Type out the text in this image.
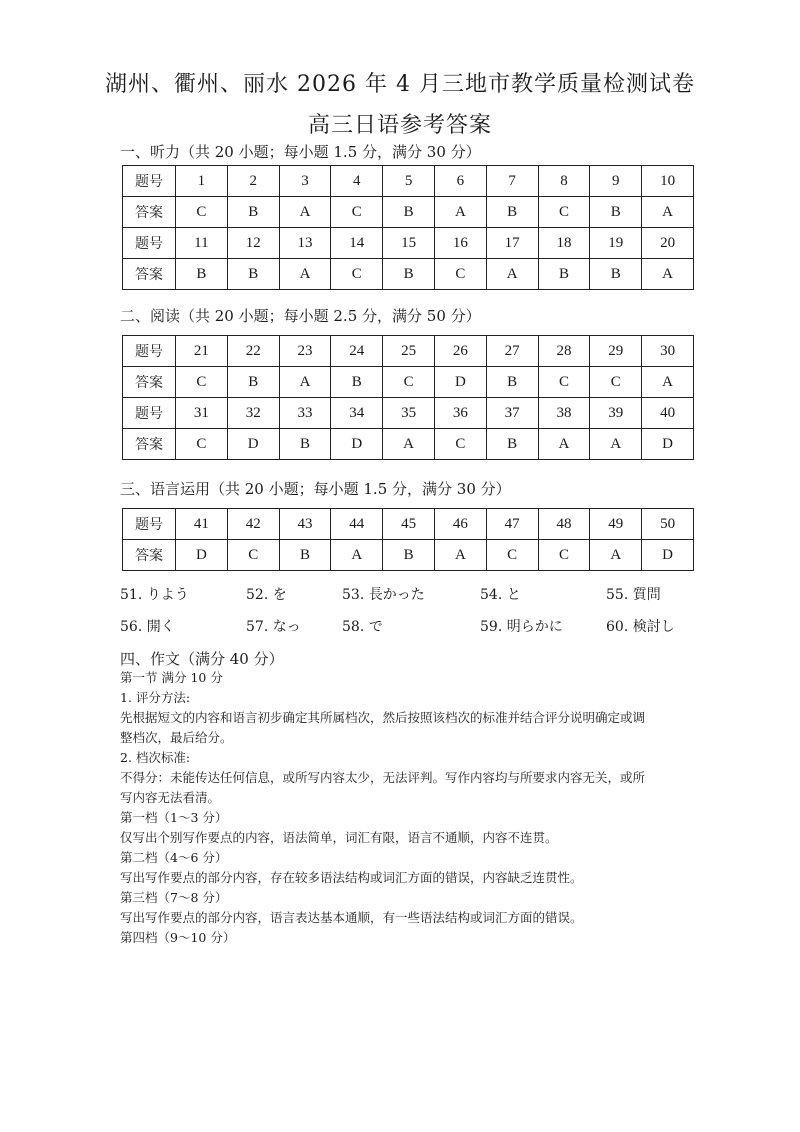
湖州、衢州、丽水 2026 年 4 月三地市教学质量检测试卷
高三日语参考答案
一、听力（共 20 小题；每小题 1.5 分，满分 30 分）
题号	1	2	3	4	5	6	7	8	9	10
答案	C	B	A	C	B	A	B	C	B	A
题号	11	12	13	14	15	16	17	18	19	20
答案	B	B	A	C	B	C	A	B	B	A
二、阅读（共 20 小题；每小题 2.5 分，满分 50 分）
题号	21	22	23	24	25	26	27	28	29	30
答案	C	B	A	B	C	D	B	C	C	A
题号	31	32	33	34	35	36	37	38	39	40
答案	C	D	B	D	A	C	B	A	A	D
三、语言运用（共 20 小题；每小题 1.5 分，满分 30 分）
题号	41	42	43	44	45	46	47	48	49	50
答案	D	C	B	A	B	A	C	C	A	D
51. りよう	52. を	53. 長かった	54. と	55. 質問
56. 開く	57. なっ	58. で	59. 明らかに	60. 検討し
四、作文（满分 40 分）

第一节 满分 10 分

1. 评分方法:

先根据短文的内容和语言初步确定其所属档次，然后按照该档次的标准并结合评分说明确定或调

整档次，最后给分。

2. 档次标准:

不得分：未能传达任何信息，或所写内容太少，无法评判。写作内容均与所要求内容无关，或所

写内容无法看清。

第一档（1～3 分）

仅写出个别写作要点的内容，语法简单，词汇有限，语言不通顺，内容不连贯。

第二档（4～6 分）

写出写作要点的部分内容，存在较多语法结构或词汇方面的错误，内容缺乏连贯性。

第三档（7～8 分）

写出写作要点的部分内容，语言表达基本通顺，有一些语法结构或词汇方面的错误。

第四档（9～10 分）
